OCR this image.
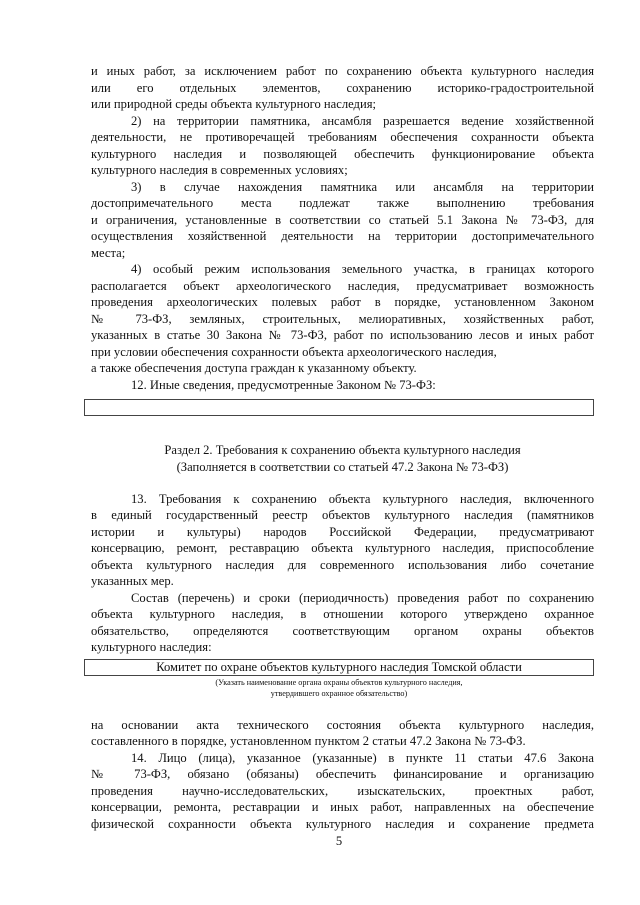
и иных работ, за исключением работ по сохранению объекта культурного наследия
или его отдельных элементов, сохранению историко-градостроительной
или природной среды объекта культурного наследия;
2) на территории памятника, ансамбля разрешается ведение хозяйственной
деятельности, не противоречащей требованиям обеспечения сохранности объекта
культурного наследия и позволяющей обеспечить функционирование объекта
культурного наследия в современных условиях;
3) в случае нахождения памятника или ансамбля на территории
достопримечательного места подлежат также выполнению требования
и ограничения, установленные в соответствии со статьей 5.1 Закона № 73-ФЗ, для
осуществления хозяйственной деятельности на территории достопримечательного
места;
4) особый режим использования земельного участка, в границах которого
располагается объект археологического наследия, предусматривает возможность
проведения археологических полевых работ в порядке, установленном Законом
№ 73-ФЗ, земляных, строительных, мелиоративных, хозяйственных работ,
указанных в статье 30 Закона № 73-ФЗ, работ по использованию лесов и иных работ
при условии обеспечения сохранности объекта археологического наследия,
а также обеспечения доступа граждан к указанному объекту.
12. Иные сведения, предусмотренные Законом № 73-ФЗ:
Раздел 2. Требования к сохранению объекта культурного наследия
(Заполняется в соответствии со статьей 47.2 Закона № 73-ФЗ)
13. Требования к сохранению объекта культурного наследия, включенного
в единый государственный реестр объектов культурного наследия (памятников
истории и культуры) народов Российской Федерации, предусматривают
консервацию, ремонт, реставрацию объекта культурного наследия, приспособление
объекта культурного наследия для современного использования либо сочетание
указанных мер.
Состав (перечень) и сроки (периодичность) проведения работ по сохранению
объекта культурного наследия, в отношении которого утверждено охранное
обязательство, определяются соответствующим органом охраны объектов
культурного наследия:
Комитет по охране объектов культурного наследия Томской области
(Указать наименование органа охраны объектов культурного наследия,
утвердившего охранное обязательство)
на основании акта технического состояния объекта культурного наследия,
составленного в порядке, установленном пунктом 2 статьи 47.2 Закона № 73-ФЗ.
14. Лицо (лица), указанное (указанные) в пункте 11 статьи 47.6 Закона
№ 73-ФЗ, обязано (обязаны) обеспечить финансирование и организацию
проведения научно-исследовательских, изыскательских, проектных работ,
консервации, ремонта, реставрации и иных работ, направленных на обеспечение
физической сохранности объекта культурного наследия и сохранение предмета
5
